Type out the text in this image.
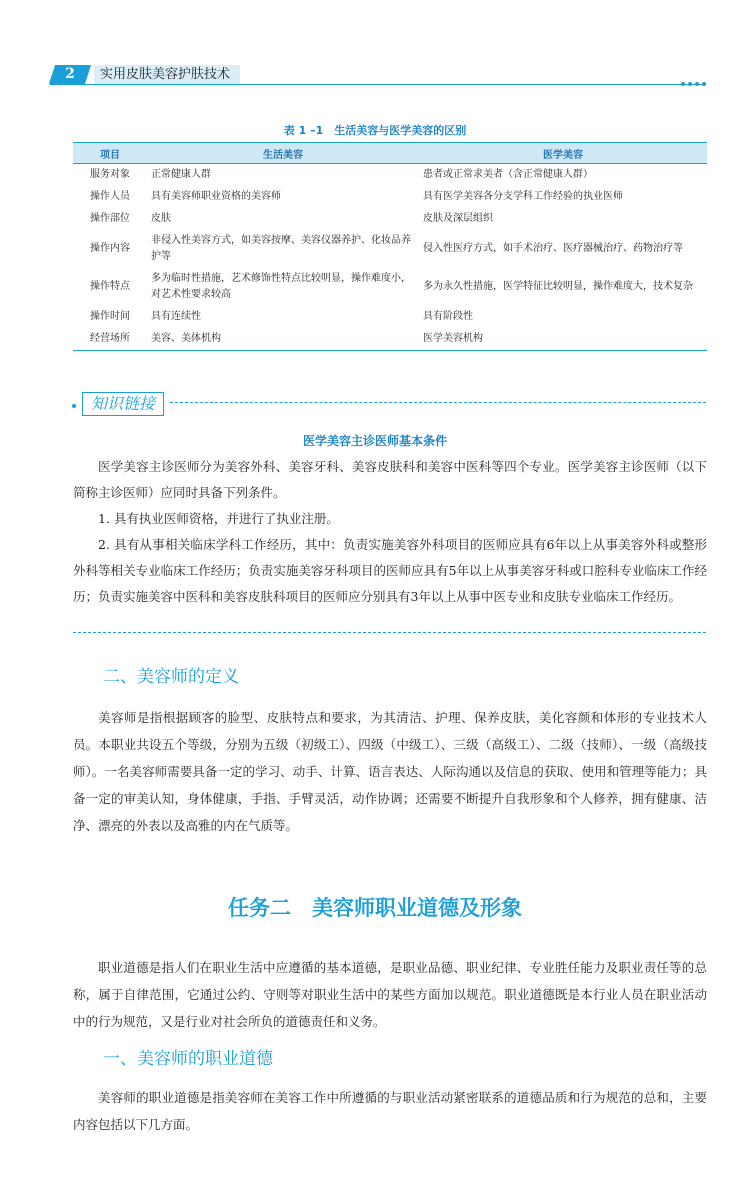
2	实用皮肤美容护肤技术
表 1 –1　生活美容与医学美容的区别
项目	生活美容	医学美容
服务对象	正常健康人群	患者或正常求美者（含正常健康人群）
操作人员	具有美容师职业资格的美容师	具有医学美容各分支学科工作经验的执业医师
操作部位	皮肤	皮肤及深层组织
操作内容	非侵入性美容方式，如美容按摩、美容仪器养护、化妆品养护等	侵入性医疗方式，如手术治疗、医疗器械治疗、药物治疗等
操作特点	多为临时性措施，艺术修饰性特点比较明显，操作难度小，对艺术性要求较高	多为永久性措施，医学特征比较明显，操作难度大，技术复杂
操作时间	具有连续性	具有阶段性
经营场所	美容、美体机构	医学美容机构
知识链接
医学美容主诊医师基本条件

医学美容主诊医师分为美容外科、美容牙科、美容皮肤科和美容中医科等四个专业。医学美容主诊医师（以下简称主诊医师）应同时具备下列条件。

1. 具有执业医师资格，并进行了执业注册。

2. 具有从事相关临床学科工作经历，其中：负责实施美容外科项目的医师应具有6年以上从事美容外科或整形外科等相关专业临床工作经历；负责实施美容牙科项目的医师应具有5年以上从事美容牙科或口腔科专业临床工作经历；负责实施美容中医科和美容皮肤科项目的医师应分别具有3年以上从事中医专业和皮肤专业临床工作经历。

二、美容师的定义

美容师是指根据顾客的脸型、皮肤特点和要求，为其清洁、护理、保养皮肤，美化容颜和体形的专业技术人员。本职业共设五个等级，分别为五级（初级工）、四级（中级工）、三级（高级工）、二级（技师）、一级（高级技师）。一名美容师需要具备一定的学习、动手、计算、语言表达、人际沟通以及信息的获取、使用和管理等能力；具备一定的审美认知，身体健康，手指、手臂灵活，动作协调；还需要不断提升自我形象和个人修养，拥有健康、洁净、漂亮的外表以及高雅的内在气质等。

任务二　美容师职业道德及形象

职业道德是指人们在职业生活中应遵循的基本道德，是职业品德、职业纪律、专业胜任能力及职业责任等的总称，属于自律范围，它通过公约、守则等对职业生活中的某些方面加以规范。职业道德既是本行业人员在职业活动中的行为规范，又是行业对社会所负的道德责任和义务。

一、美容师的职业道德

美容师的职业道德是指美容师在美容工作中所遵循的与职业活动紧密联系的道德品质和行为规范的总和，主要内容包括以下几方面。
